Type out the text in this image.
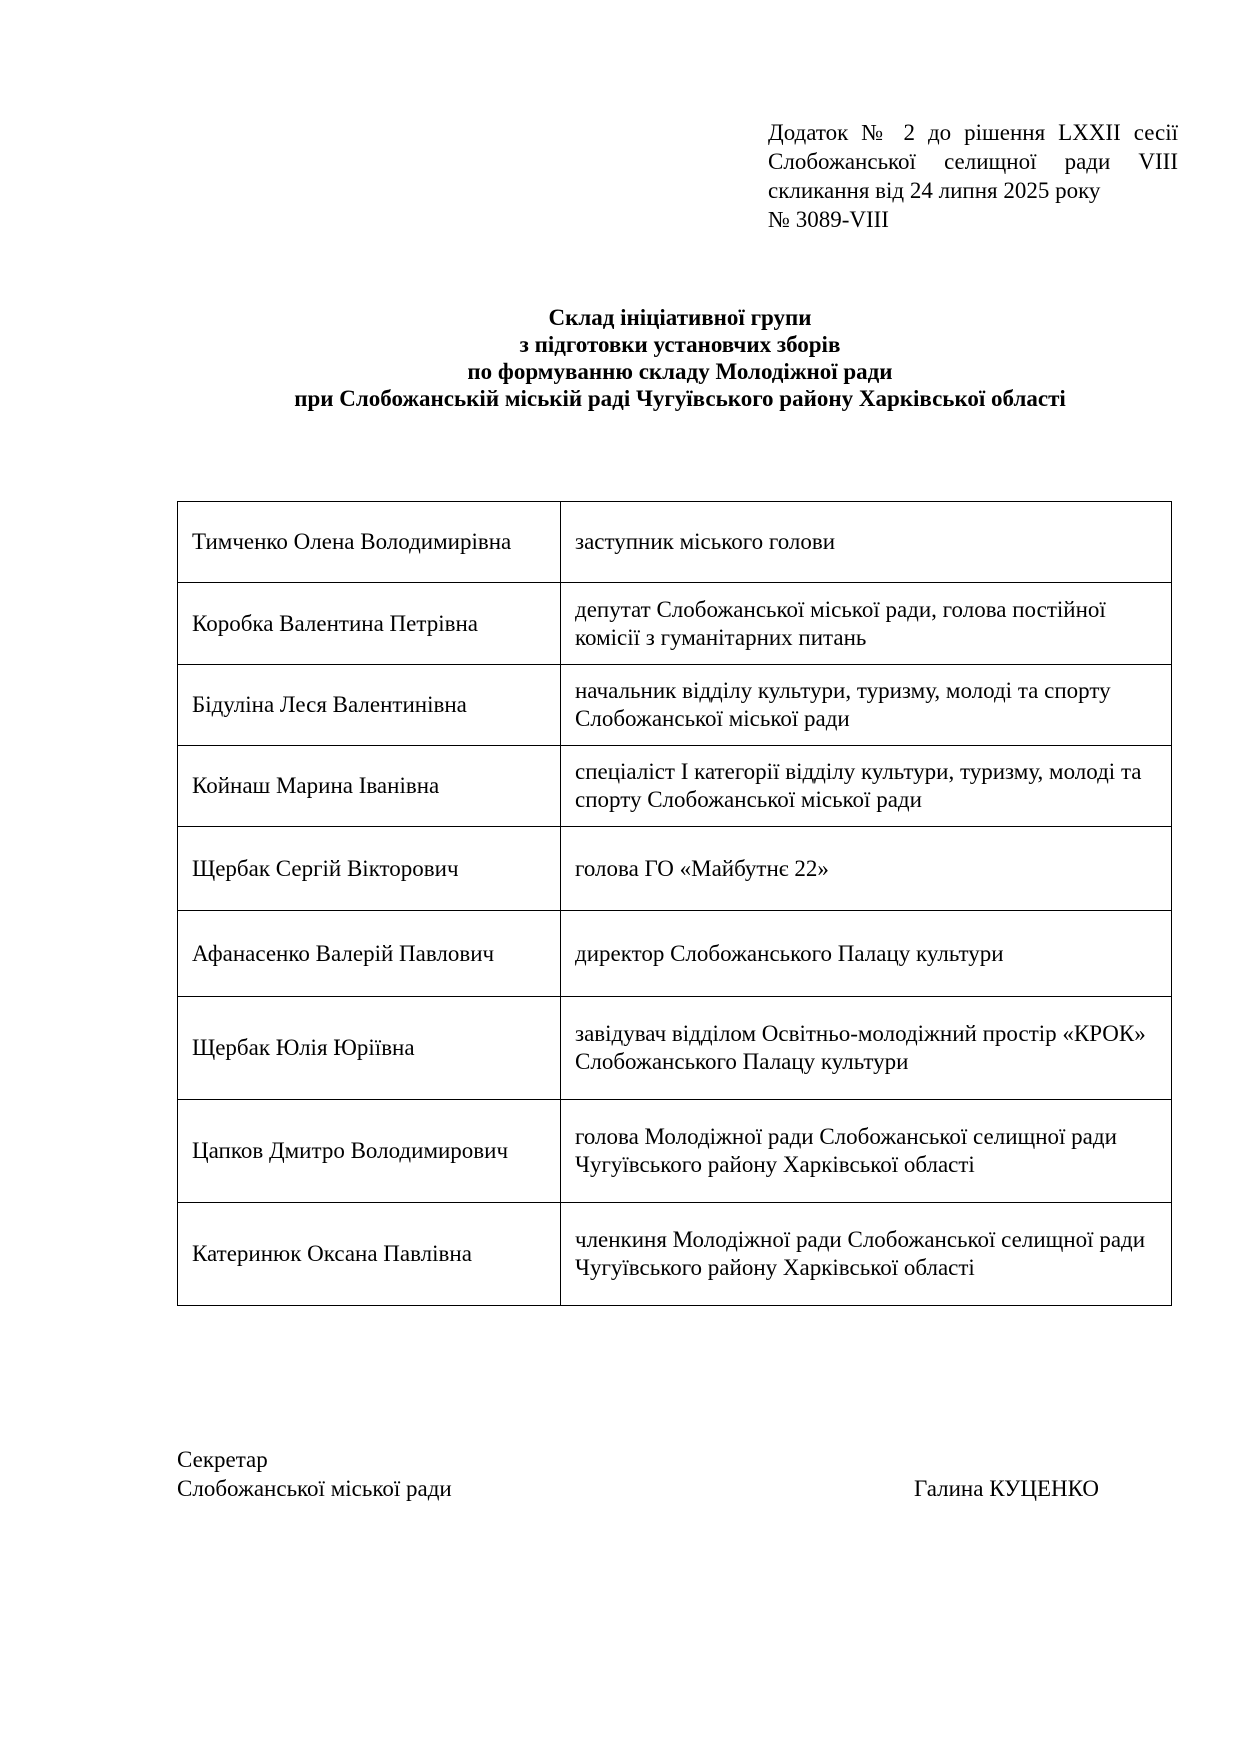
Додаток № 2 до рішення LXXII сесії
Слобожанської селищної ради VIII
скликання від 24 липня 2025 року
№ 3089-VIII
Склад ініціативної групи
з підготовки установчих зборів
по формуванню складу Молодіжної ради
при Слобожанській міській раді Чугуївського району Харківської області
Тимченко Олена Володимирівна	заступник міського голови
Коробка Валентина Петрівна	депутат Слобожанської міської ради, голова постійної комісії з гуманітарних питань
Бідуліна Леся Валентинівна	начальник відділу культури, туризму, молоді та спорту Слобожанської міської ради
Койнаш Марина Іванівна	спеціаліст І категорії відділу культури, туризму, молоді та спорту Слобожанської міської ради
Щербак Сергій Вікторович	голова ГО «Майбутнє 22»
Афанасенко Валерій Павлович	директор Слобожанського Палацу культури
Щербак Юлія Юріївна	завідувач відділом Освітньо-молодіжний простір «КРОК» Слобожанського Палацу культури
Цапков Дмитро Володимирович	голова Молодіжної ради Слобожанської селищної ради Чугуївського району Харківської області
Катеринюк Оксана Павлівна	членкиня Молодіжної ради Слобожанської селищної ради Чугуївського району Харківської області
Секретар
Слобожанської міської ради	Галина КУЦЕНКО
